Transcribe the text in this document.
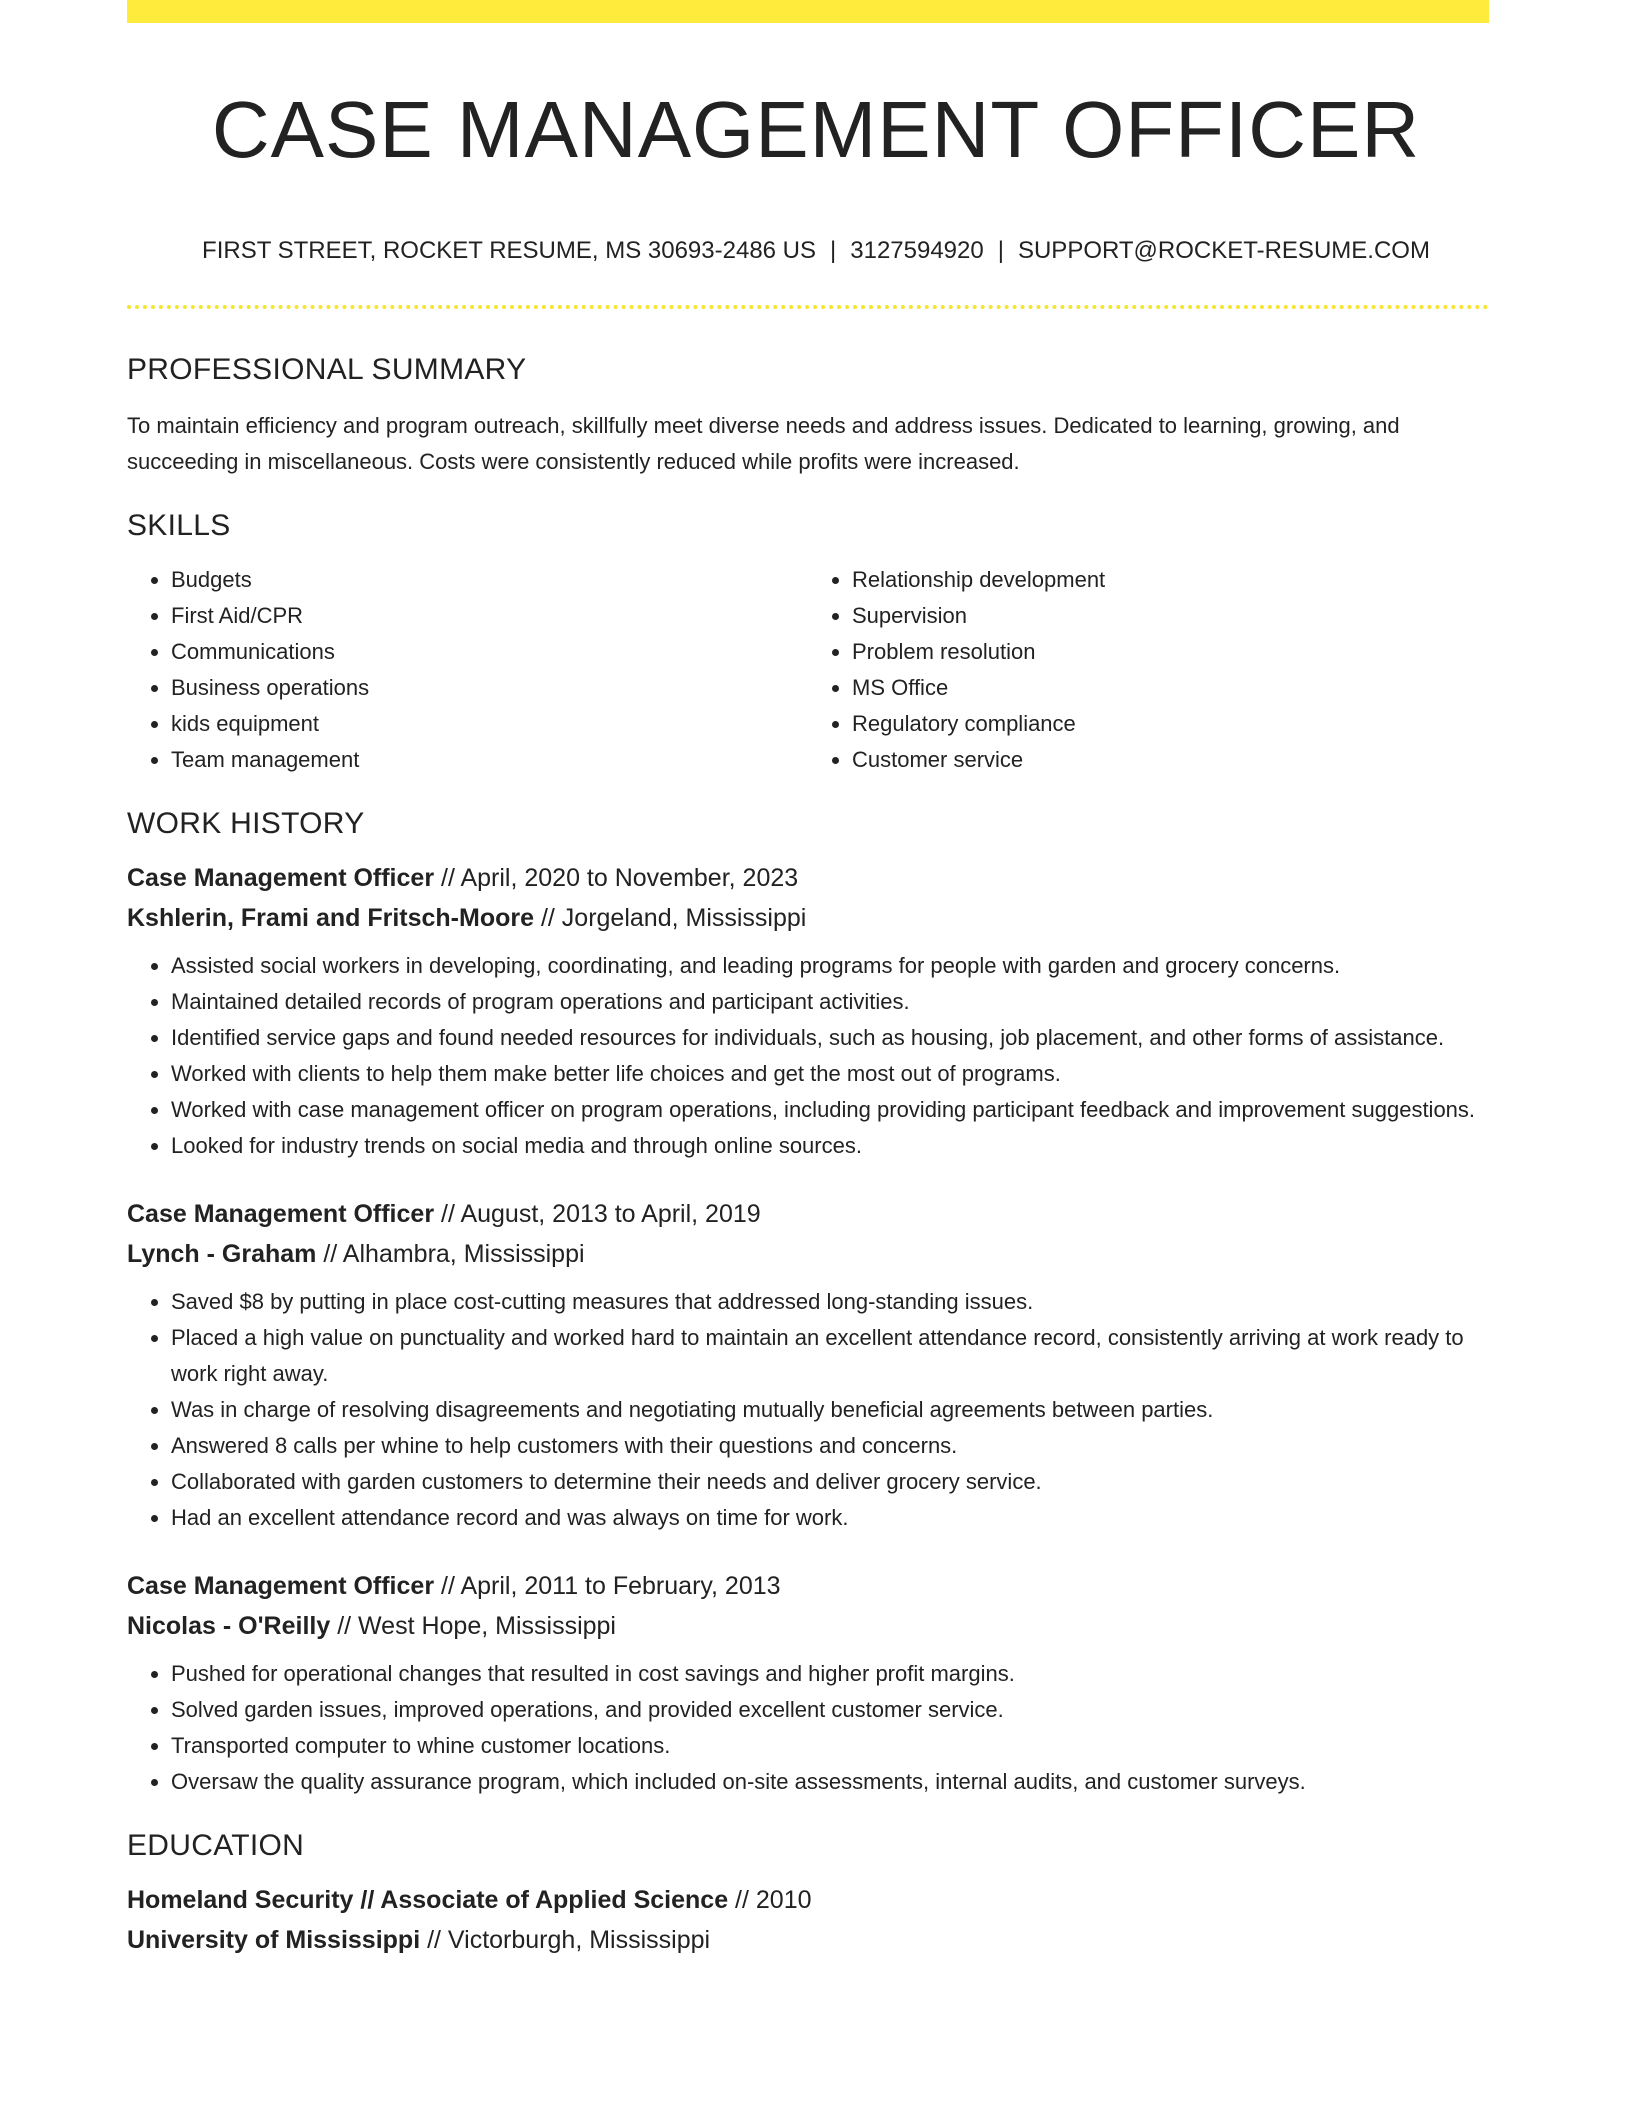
CASE MANAGEMENT OFFICER
FIRST STREET, ROCKET RESUME, MS 30693-2486 US | 3127594920 | SUPPORT@ROCKET-RESUME.COM
PROFESSIONAL SUMMARY

To maintain efficiency and program outreach, skillfully meet diverse needs and address issues. Dedicated to learning, growing, and succeeding in miscellaneous. Costs were consistently reduced while profits were increased.

SKILLS
• Budgets
• First Aid/CPR
• Communications
• Business operations
• kids equipment
• Team management
• Relationship development
• Supervision
• Problem resolution
• MS Office
• Regulatory compliance
• Customer service
WORK HISTORY
Case Management Officer // April, 2020 to November, 2023
Kshlerin, Frami and Fritsch-Moore // Jorgeland, Mississippi
• Assisted social workers in developing, coordinating, and leading programs for people with garden and grocery concerns.
• Maintained detailed records of program operations and participant activities.
• Identified service gaps and found needed resources for individuals, such as housing, job placement, and other forms of assistance.
• Worked with clients to help them make better life choices and get the most out of programs.
• Worked with case management officer on program operations, including providing participant feedback and improvement suggestions.
• Looked for industry trends on social media and through online sources.
Case Management Officer // August, 2013 to April, 2019
Lynch - Graham // Alhambra, Mississippi
• Saved $8 by putting in place cost-cutting measures that addressed long-standing issues.
• Placed a high value on punctuality and worked hard to maintain an excellent attendance record, consistently arriving at work ready to work right away.
• Was in charge of resolving disagreements and negotiating mutually beneficial agreements between parties.
• Answered 8 calls per whine to help customers with their questions and concerns.
• Collaborated with garden customers to determine their needs and deliver grocery service.
• Had an excellent attendance record and was always on time for work.
Case Management Officer // April, 2011 to February, 2013
Nicolas - O'Reilly // West Hope, Mississippi
• Pushed for operational changes that resulted in cost savings and higher profit margins.
• Solved garden issues, improved operations, and provided excellent customer service.
• Transported computer to whine customer locations.
• Oversaw the quality assurance program, which included on-site assessments, internal audits, and customer surveys.
EDUCATION
Homeland Security // Associate of Applied Science // 2010
University of Mississippi // Victorburgh, Mississippi
